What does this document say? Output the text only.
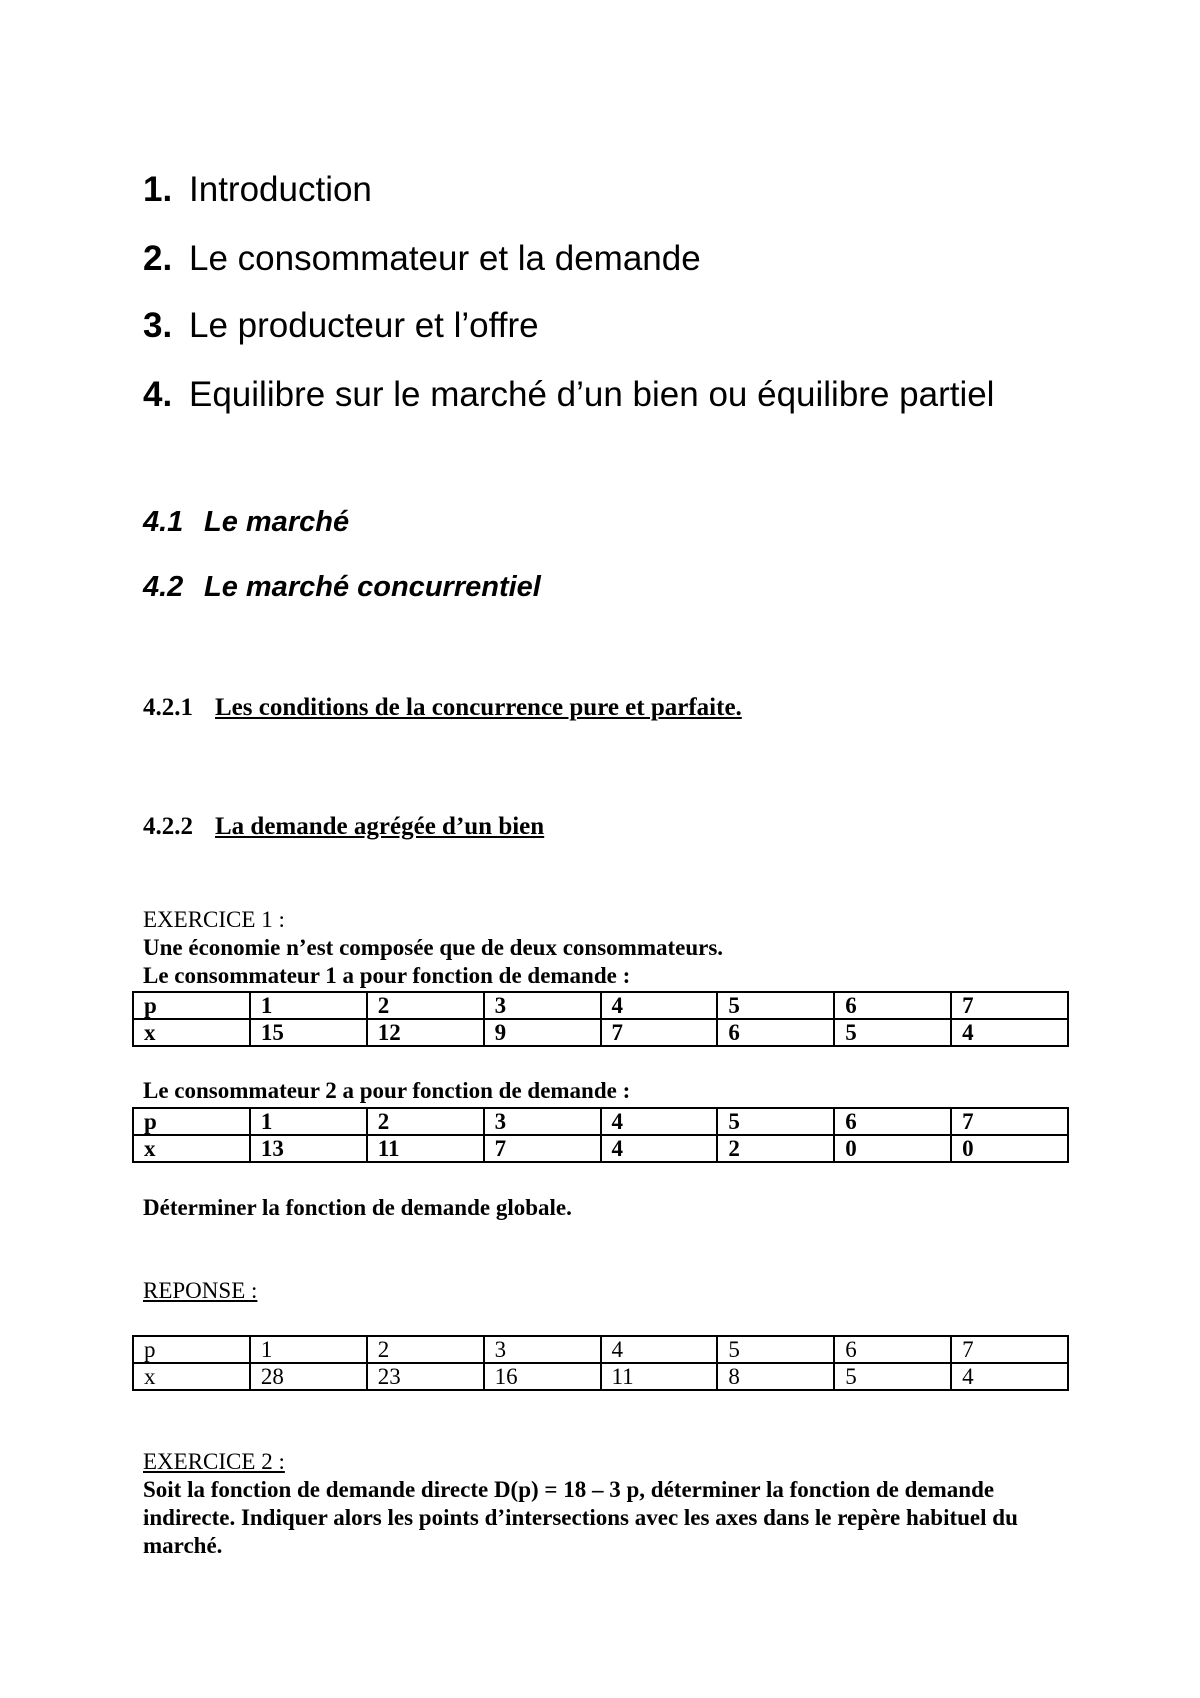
1. Introduction
2. Le consommateur et la demande
3. Le producteur et l’offre
4. Equilibre sur le marché d’un bien ou équilibre partiel
4.1 Le marché
4.2 Le marché concurrentiel
4.2.1 Les conditions de la concurrence pure et parfaite.
4.2.2 La demande agrégée d’un bien
EXERCICE 1 :
Une économie n’est composée que de deux consommateurs.
Le consommateur 1 a pour fonction de demande :
p	1	2	3	4	5	6	7
x	15	12	9	7	6	5	4
Le consommateur 2 a pour fonction de demande :
p	1	2	3	4	5	6	7
x	13	11	7	4	2	0	0
Déterminer la fonction de demande globale.
REPONSE :
p	1	2	3	4	5	6	7
x	28	23	16	11	8	5	4
EXERCICE 2 :
Soit la fonction de demande directe D(p) = 18 – 3 p, déterminer la fonction de demande indirecte. Indiquer alors les points d’intersections avec les axes dans le repère habituel du marché.
